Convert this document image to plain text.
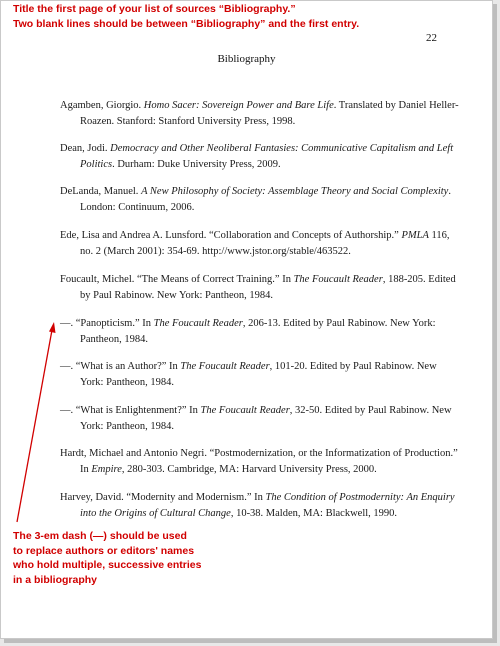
Title the first page of your list of sources “Bibliography.”
Two blank lines should be between “Bibliography” and the first entry.
22
Bibliography

Agamben, Giorgio. Homo Sacer: Sovereign Power and Bare Life. Translated by Daniel Heller-Roazen. Stanford: Stanford University Press, 1998.

Dean, Jodi. Democracy and Other Neoliberal Fantasies: Communicative Capitalism and Left Politics. Durham: Duke University Press, 2009.

DeLanda, Manuel. A New Philosophy of Society: Assemblage Theory and Social Complexity. London: Continuum, 2006.

Ede, Lisa and Andrea A. Lunsford. “Collaboration and Concepts of Authorship.” PMLA 116, no. 2 (March 2001): 354-69. http://www.jstor.org/stable/463522.

Foucault, Michel. “The Means of Correct Training.” In The Foucault Reader, 188-205. Edited by Paul Rabinow. New York: Pantheon, 1984.

—. “Panopticism.” In The Foucault Reader, 206-13. Edited by Paul Rabinow. New York: Pantheon, 1984.

—. “What is an Author?” In The Foucault Reader, 101-20. Edited by Paul Rabinow. New York: Pantheon, 1984.

—. “What is Enlightenment?” In The Foucault Reader, 32-50. Edited by Paul Rabinow. New York: Pantheon, 1984.

Hardt, Michael and Antonio Negri. “Postmodernization, or the Informatization of Production.” In Empire, 280-303. Cambridge, MA: Harvard University Press, 2000.

Harvey, David. “Modernity and Modernism.” In The Condition of Postmodernity: An Enquiry into the Origins of Cultural Change, 10-38. Malden, MA: Blackwell, 1990.

The 3-em dash (—) should be used
to replace authors or editors' names
who hold multiple, successive entries
in a bibliography
